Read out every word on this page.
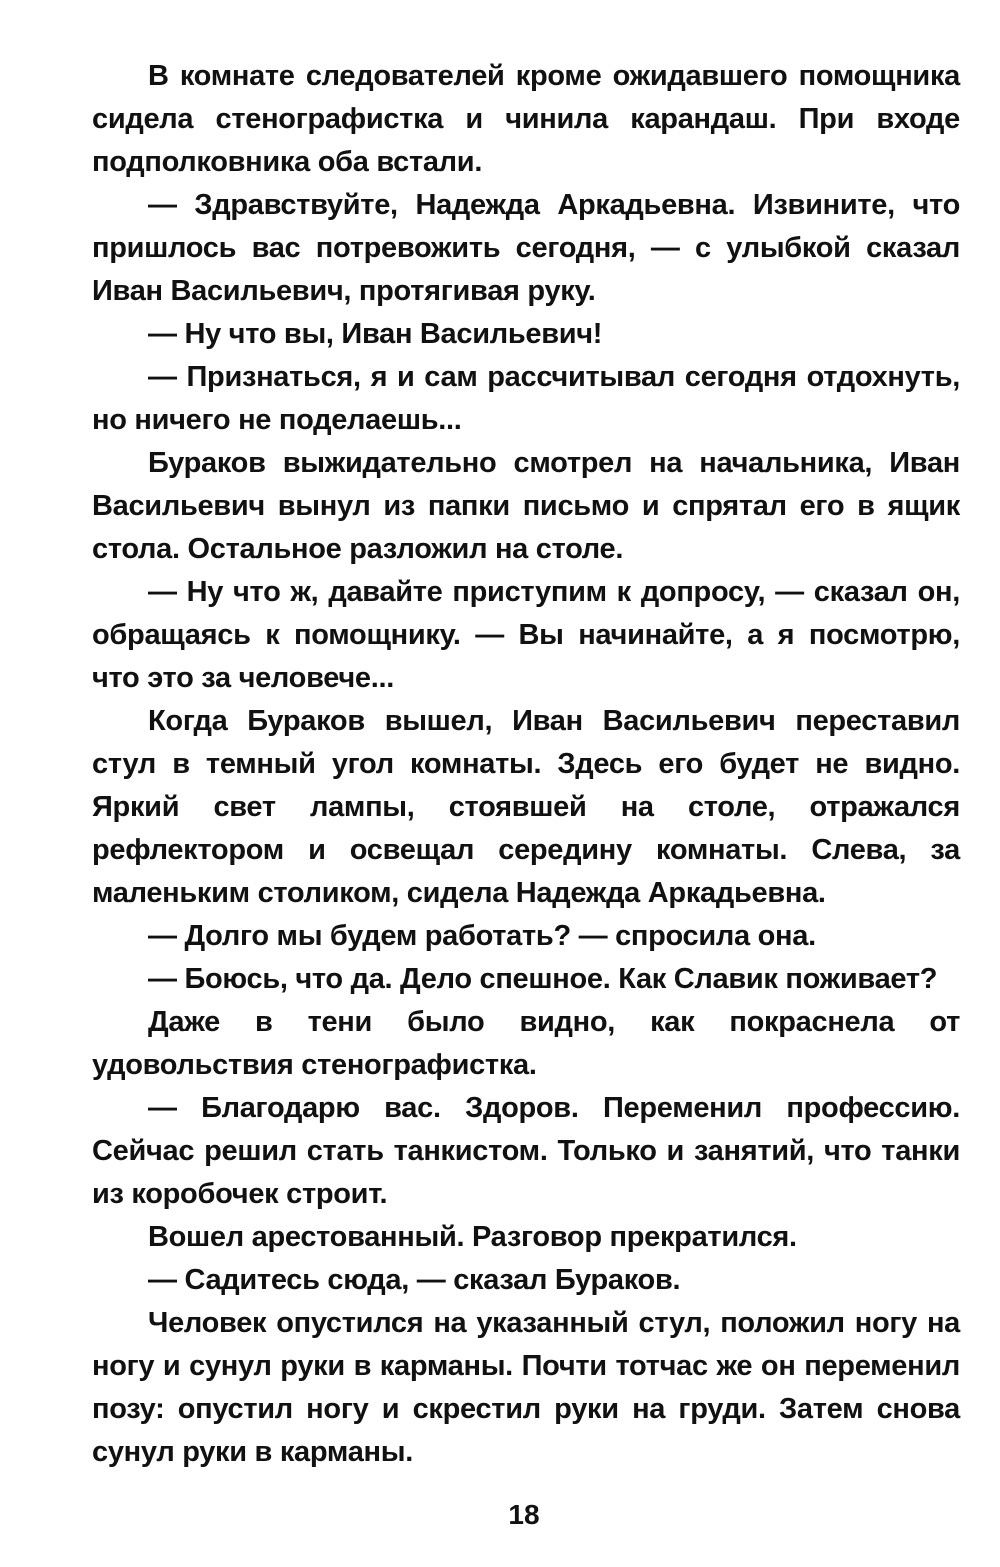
В комнате следователей кроме ожидавшего помощника сидела стенографистка и чинила карандаш. При входе подполковника оба встали.

— Здравствуйте, Надежда Аркадьевна. Извините, что пришлось вас потревожить сегодня, — с улыбкой сказал Иван Васильевич, протягивая руку.

— Ну что вы, Иван Васильевич!

— Признаться, я и сам рассчитывал сегодня отдохнуть, но ничего не поделаешь...

Бураков выжидательно смотрел на начальника, Иван Васильевич вынул из папки письмо и спрятал его в ящик стола. Остальное разложил на столе.

— Ну что ж, давайте приступим к допросу, — сказал он, обращаясь к помощнику. — Вы начинайте, а я посмотрю, что это за человече...

Когда Бураков вышел, Иван Васильевич переставил стул в темный угол комнаты. Здесь его будет не видно. Яркий свет лампы, стоявшей на столе, отражался рефлектором и освещал середину комнаты. Слева, за маленьким столиком, сидела Надежда Аркадьевна.

— Долго мы будем работать? — спросила она.

— Боюсь, что да. Дело спешное. Как Славик поживает?

Даже в тени было видно, как покраснела от удовольствия стенографистка.

— Благодарю вас. Здоров. Переменил профессию. Сейчас решил стать танкистом. Только и занятий, что танки из коробочек строит.

Вошел арестованный. Разговор прекратился.

— Садитесь сюда, — сказал Бураков.

Человек опустился на указанный стул, положил ногу на ногу и сунул руки в карманы. Почти тотчас же он переменил позу: опустил ногу и скрестил руки на груди. Затем снова сунул руки в карманы.

18
